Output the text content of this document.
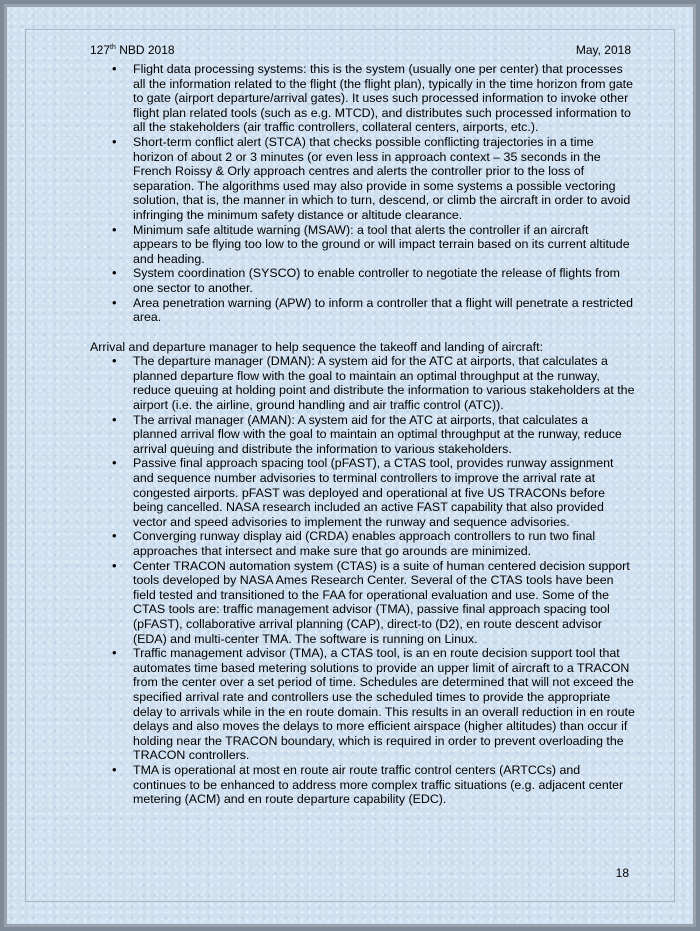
127th NBD 2018	May, 2018
• Flight data processing systems: this is the system (usually one per center) that processes all the information related to the flight (the flight plan), typically in the time horizon from gate to gate (airport departure/arrival gates). It uses such processed information to invoke other flight plan related tools (such as e.g. MTCD), and distributes such processed information to all the stakeholders (air traffic controllers, collateral centers, airports, etc.).
• Short-term conflict alert (STCA) that checks possible conflicting trajectories in a time horizon of about 2 or 3 minutes (or even less in approach context – 35 seconds in the French Roissy & Orly approach centres and alerts the controller prior to the loss of separation. The algorithms used may also provide in some systems a possible vectoring solution, that is, the manner in which to turn, descend, or climb the aircraft in order to avoid infringing the minimum safety distance or altitude clearance.
• Minimum safe altitude warning (MSAW): a tool that alerts the controller if an aircraft appears to be flying too low to the ground or will impact terrain based on its current altitude and heading.
• System coordination (SYSCO) to enable controller to negotiate the release of flights from one sector to another.
• Area penetration warning (APW) to inform a controller that a flight will penetrate a restricted area.

Arrival and departure manager to help sequence the takeoff and landing of aircraft:

• The departure manager (DMAN): A system aid for the ATC at airports, that calculates a planned departure flow with the goal to maintain an optimal throughput at the runway, reduce queuing at holding point and distribute the information to various stakeholders at the airport (i.e. the airline, ground handling and air traffic control (ATC)).
• The arrival manager (AMAN): A system aid for the ATC at airports, that calculates a planned arrival flow with the goal to maintain an optimal throughput at the runway, reduce arrival queuing and distribute the information to various stakeholders.
• Passive final approach spacing tool (pFAST), a CTAS tool, provides runway assignment and sequence number advisories to terminal controllers to improve the arrival rate at congested airports. pFAST was deployed and operational at five US TRACONs before being cancelled. NASA research included an active FAST capability that also provided vector and speed advisories to implement the runway and sequence advisories.
• Converging runway display aid (CRDA) enables approach controllers to run two final approaches that intersect and make sure that go arounds are minimized.
• Center TRACON automation system (CTAS) is a suite of human centered decision support tools developed by NASA Ames Research Center. Several of the CTAS tools have been field tested and transitioned to the FAA for operational evaluation and use. Some of the CTAS tools are: traffic management advisor (TMA), passive final approach spacing tool (pFAST), collaborative arrival planning (CAP), direct-to (D2), en route descent advisor (EDA) and multi-center TMA. The software is running on Linux.
• Traffic management advisor (TMA), a CTAS tool, is an en route decision support tool that automates time based metering solutions to provide an upper limit of aircraft to a TRACON from the center over a set period of time. Schedules are determined that will not exceed the specified arrival rate and controllers use the scheduled times to provide the appropriate delay to arrivals while in the en route domain. This results in an overall reduction in en route delays and also moves the delays to more efficient airspace (higher altitudes) than occur if holding near the TRACON boundary, which is required in order to prevent overloading the TRACON controllers.
• TMA is operational at most en route air route traffic control centers (ARTCCs) and continues to be enhanced to address more complex traffic situations (e.g. adjacent center metering (ACM) and en route departure capability (EDC).
18
